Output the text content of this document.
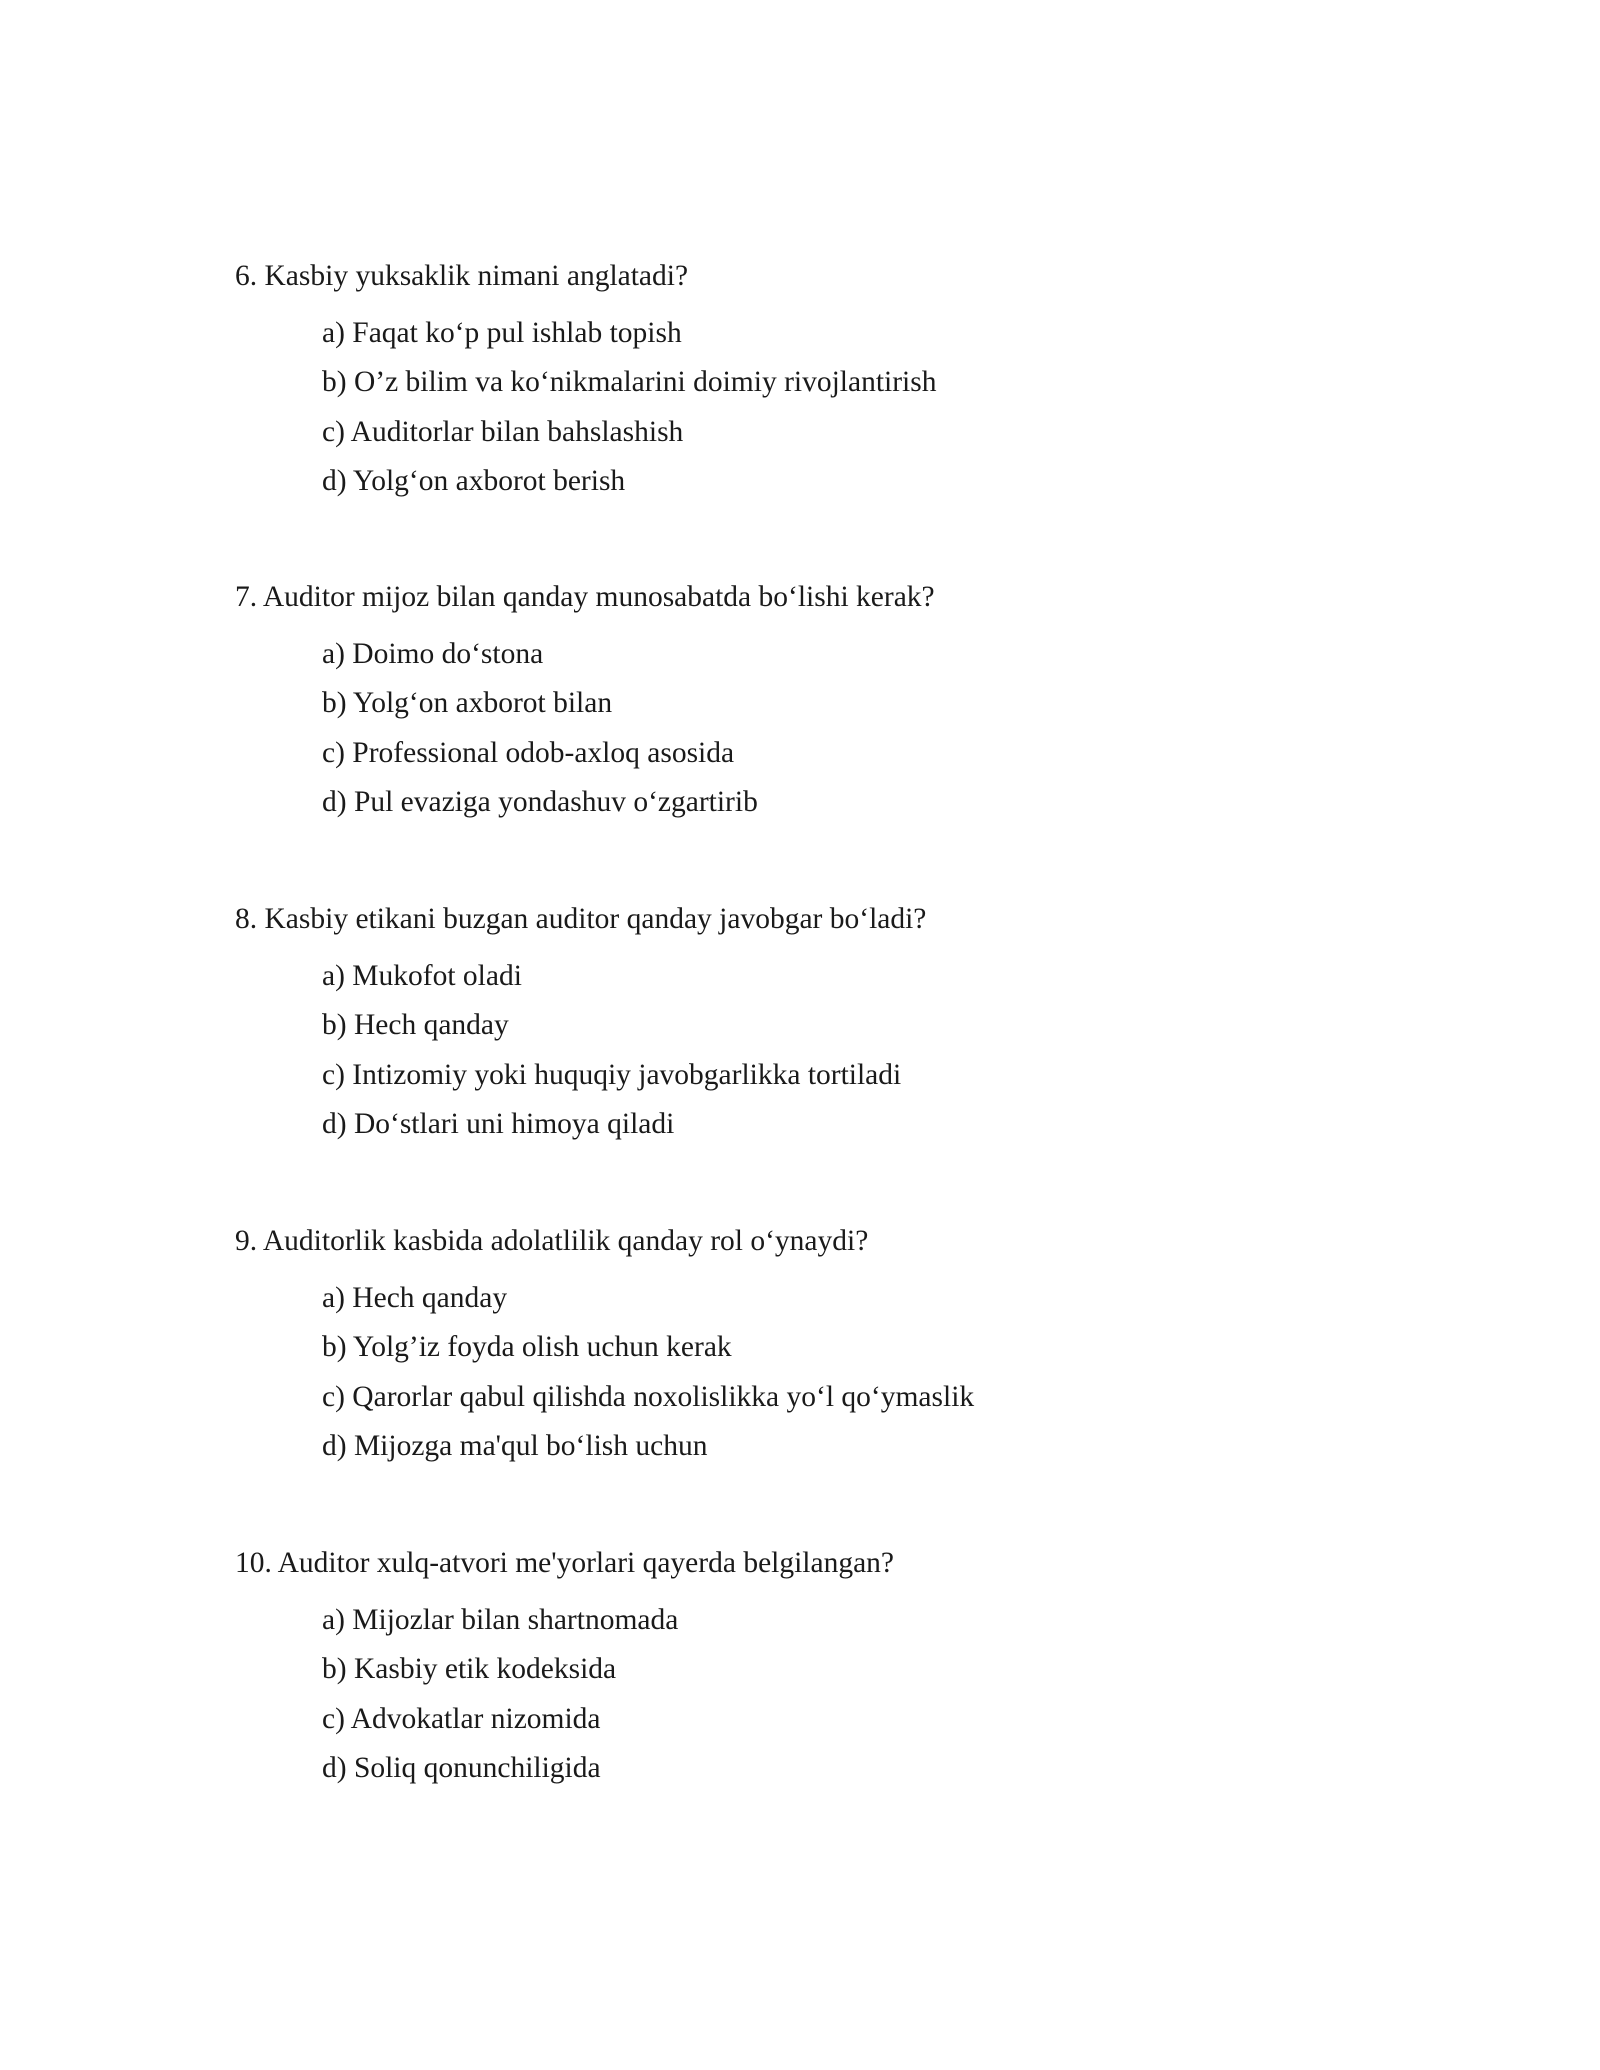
6. Kasbiy yuksaklik nimani anglatadi?

a) Faqat ko‘p pul ishlab topish
b) O’z bilim va ko‘nikmalarini doimiy rivojlantirish
c) Auditorlar bilan bahslashish
d) Yolg‘on axborot berish

7. Auditor mijoz bilan qanday munosabatda bo‘lishi kerak?

a) Doimo do‘stona
b) Yolg‘on axborot bilan
c) Professional odob-axloq asosida
d) Pul evaziga yondashuv o‘zgartirib

8. Kasbiy etikani buzgan auditor qanday javobgar bo‘ladi?

a) Mukofot oladi
b) Hech qanday
c) Intizomiy yoki huquqiy javobgarlikka tortiladi
d) Do‘stlari uni himoya qiladi

9. Auditorlik kasbida adolatlilik qanday rol o‘ynaydi?

a) Hech qanday
b) Yolg’iz foyda olish uchun kerak
c) Qarorlar qabul qilishda noxolislikka yo‘l qo‘ymaslik
d) Mijozga ma'qul bo‘lish uchun

10. Auditor xulq-atvori me'yorlari qayerda belgilangan?

a) Mijozlar bilan shartnomada
b) Kasbiy etik kodeksida
c) Advokatlar nizomida
d) Soliq qonunchiligida
